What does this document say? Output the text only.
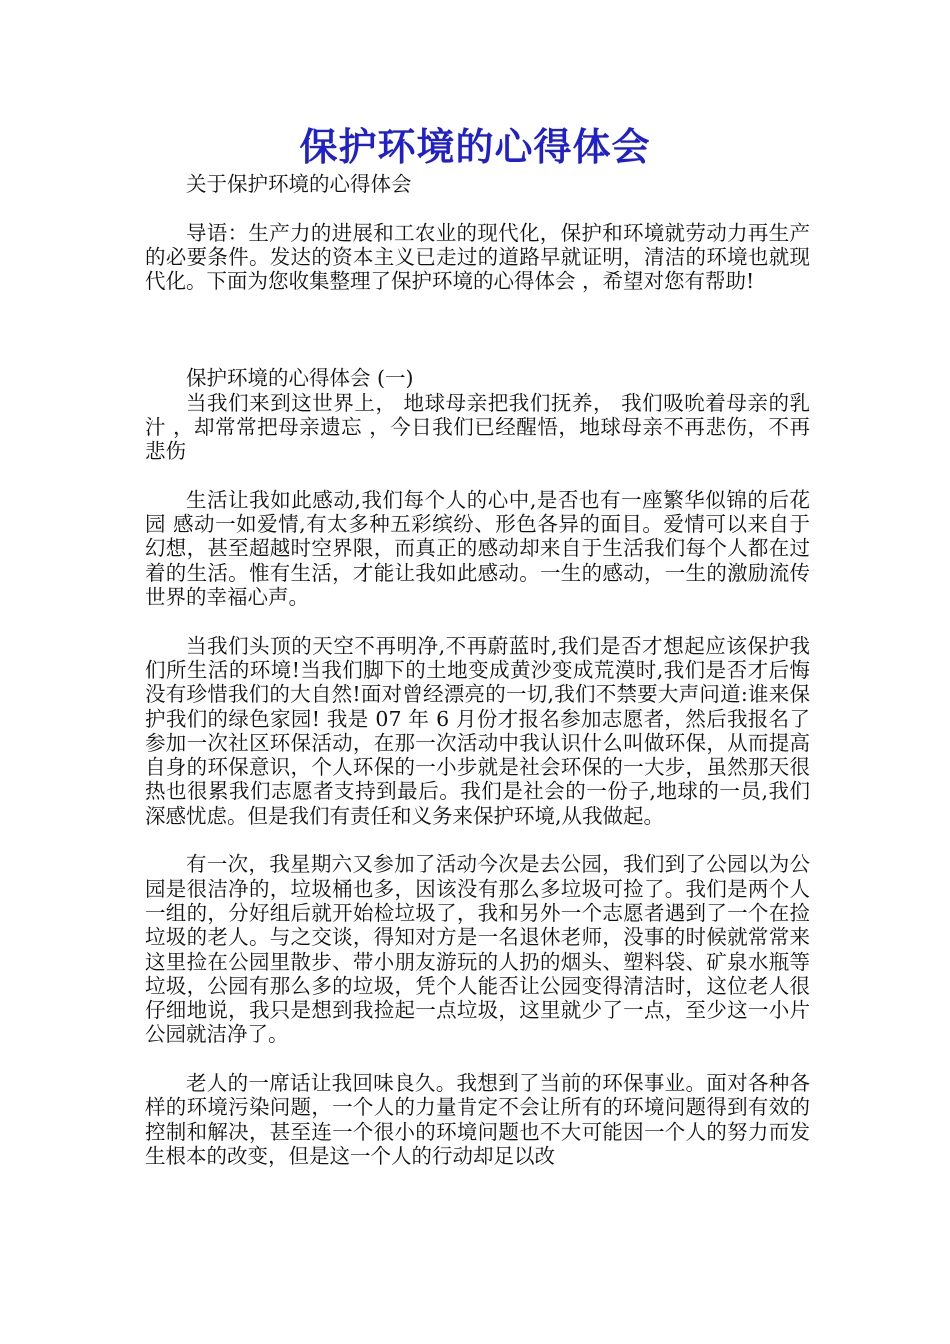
保护环境的心得体会

关于保护环境的心得体会

导语：生产力的进展和工农业的现代化，保护和环境就劳动力再生产的必要条件。发达的资本主义已走过的道路早就证明，清洁的环境也就现代化。下面为您收集整理了保护环境的心得体会 ，希望对您有帮助!

保护环境的心得体会 (一)

当我们来到这世界上， 地球母亲把我们抚养， 我们吸吮着母亲的乳汁 ，却常常把母亲遗忘 ，今日我们已经醒悟，地球母亲不再悲伤，不再悲伤

生活让我如此感动,我们每个人的心中,是否也有一座繁华似锦的后花园 感动一如爱情,有太多种五彩缤纷、形色各异的面目。爱情可以来自于幻想，甚至超越时空界限，而真正的感动却来自于生活我们每个人都在过着的生活。惟有生活，才能让我如此感动。一生的感动，一生的激励流传世界的幸福心声。

当我们头顶的天空不再明净,不再蔚蓝时,我们是否才想起应该保护我们所生活的环境!当我们脚下的土地变成黄沙变成荒漠时,我们是否才后悔没有珍惜我们的大自然!面对曾经漂亮的一切,我们不禁要大声问道:谁来保护我们的绿色家园! 我是 07 年 6 月份才报名参加志愿者，然后我报名了参加一次社区环保活动，在那一次活动中我认识什么叫做环保，从而提高自身的环保意识，个人环保的一小步就是社会环保的一大步，虽然那天很热也很累我们志愿者支持到最后。我们是社会的一份子,地球的一员,我们深感忧虑。但是我们有责任和义务来保护环境,从我做起。

有一次，我星期六又参加了活动今次是去公园，我们到了公园以为公园是很洁净的，垃圾桶也多，因该没有那么多垃圾可捡了。我们是两个人一组的，分好组后就开始检垃圾了，我和另外一个志愿者遇到了一个在捡垃圾的老人。与之交谈，得知对方是一名退休老师，没事的时候就常常来这里捡在公园里散步、带小朋友游玩的人扔的烟头、塑料袋、矿泉水瓶等垃圾，公园有那么多的垃圾，凭个人能否让公园变得清洁时，这位老人很仔细地说，我只是想到我捡起一点垃圾，这里就少了一点，至少这一小片公园就洁净了。

老人的一席话让我回味良久。我想到了当前的环保事业。面对各种各样的环境污染问题，一个人的力量肯定不会让所有的环境问题得到有效的控制和解决，甚至连一个很小的环境问题也不大可能因一个人的努力而发生根本的改变，但是这一个人的行动却足以改
